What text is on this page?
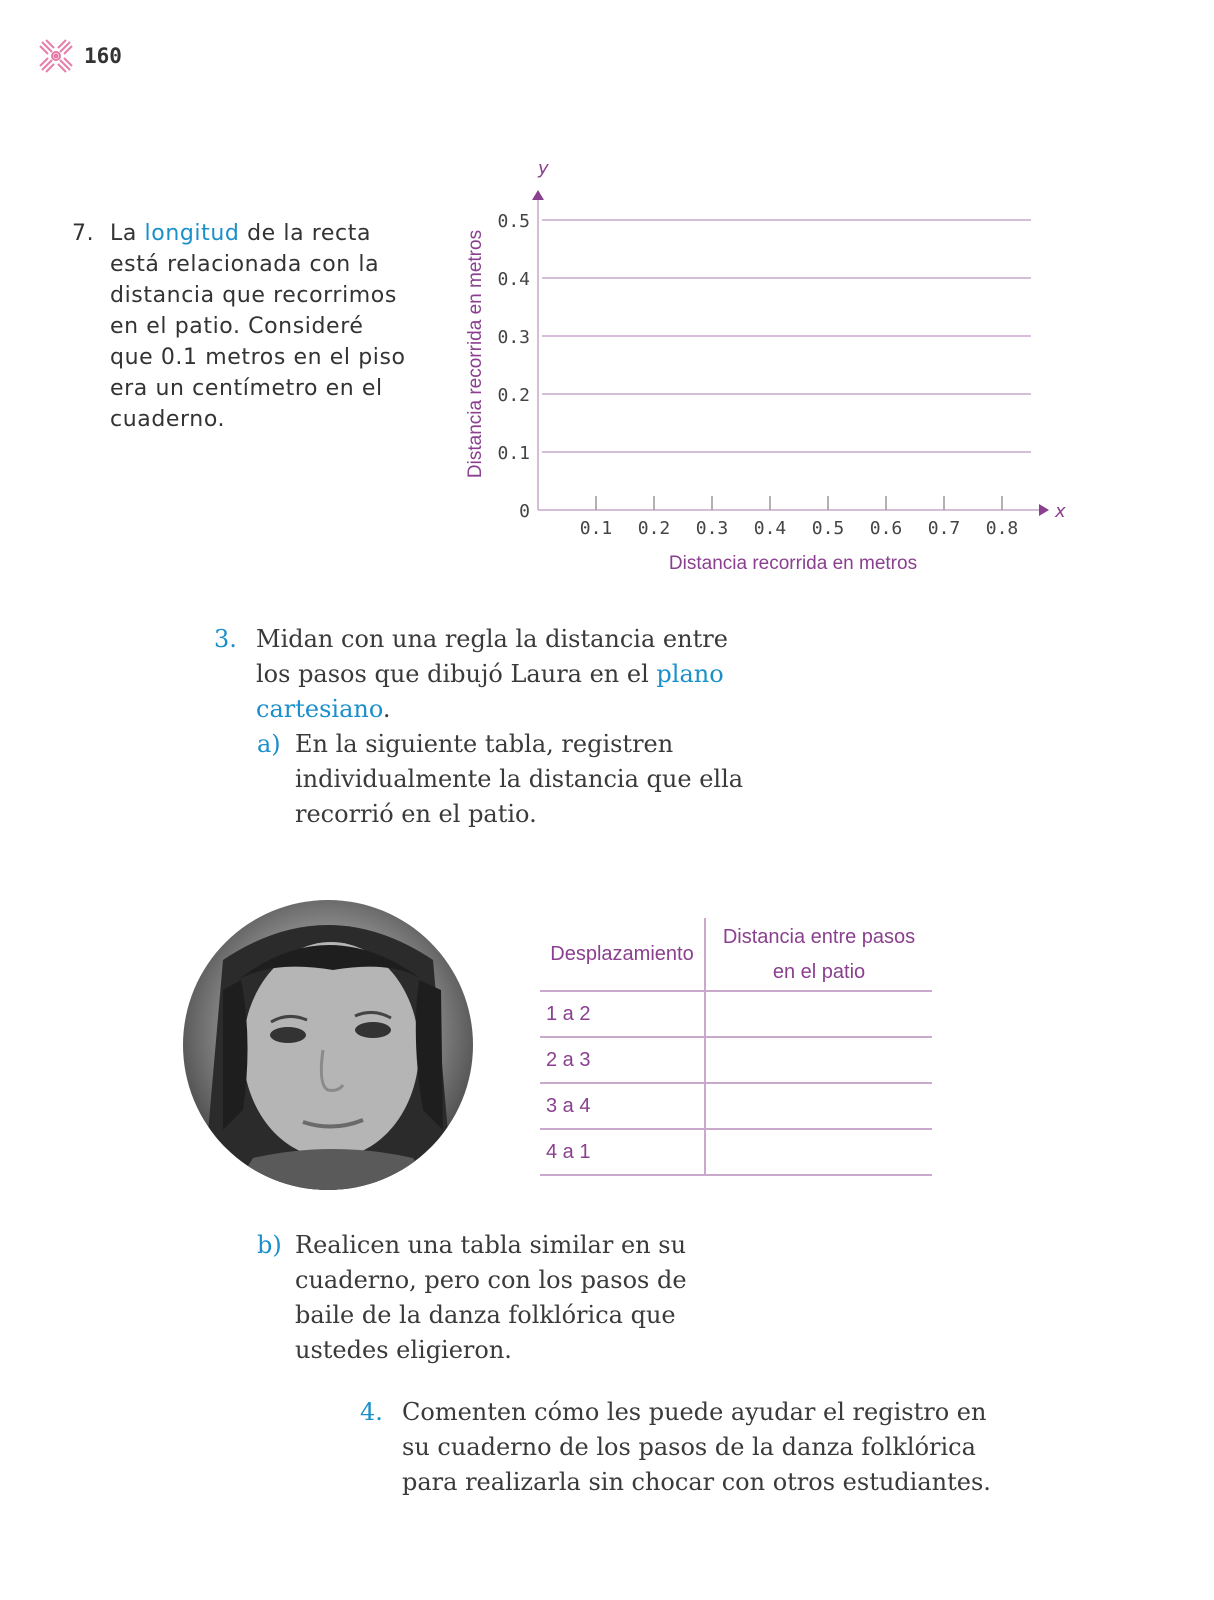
160
7. La longitud de la recta
está relacionada con la
distancia que recorrimos
en el patio. Consideré
que 0.1 metros en el piso
era un centímetro en el
cuaderno.
y
x
Distancia recorrida en metros
Distancia recorrida en metros
0
0.1
0.2
0.3
0.4
0.5
0.1 0.2 0.3 0.4 0.5 0.6 0.7 0.8
3. Midan con una regla la distancia entre
los pasos que dibujó Laura en el plano
cartesiano.
a) En la siguiente tabla, registren
individualmente la distancia que ella
recorrió en el patio.
Desplazamiento
Distancia entre pasos
en el patio
1 a 2
2 a 3
3 a 4
4 a 1
b) Realicen una tabla similar en su
cuaderno, pero con los pasos de
baile de la danza folklórica que
ustedes eligieron.
4. Comenten cómo les puede ayudar el registro en
su cuaderno de los pasos de la danza folklórica
para realizarla sin chocar con otros estudiantes.
